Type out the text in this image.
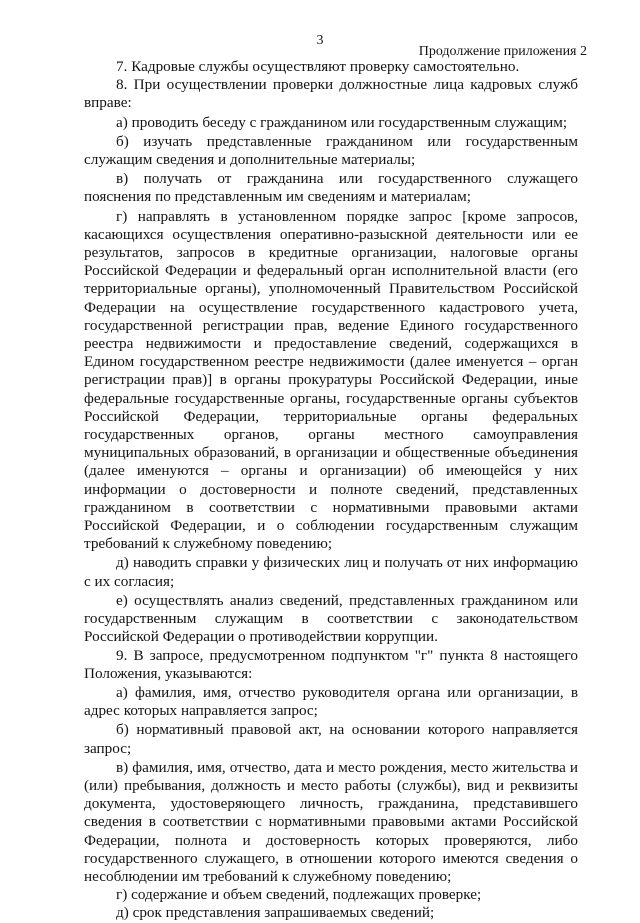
3
Продолжение приложения 2

7. Кадровые службы осуществляют проверку самостоятельно.

8. При осуществлении проверки должностные лица кадровых служб вправе:

а) проводить беседу с гражданином или государственным служащим;

б) изучать представленные гражданином или государственным служащим сведения и дополнительные материалы;

в) получать от гражданина или государственного служащего пояснения по представленным им сведениям и материалам;

г) направлять в установленном порядке запрос [кроме запросов, касающихся осуществления оперативно-разыскной деятельности или ее результатов, запросов в кредитные организации, налоговые органы Российской Федерации и федеральный орган исполнительной власти (его территориальные органы), уполномоченный Правительством Российской Федерации на осуществление государственного кадастрового учета, государственной регистрации прав, ведение Единого государственного реестра недвижимости и предоставление сведений, содержащихся в Едином государственном реестре недвижимости (далее именуется – орган регистрации прав)] в органы прокуратуры Российской Федерации, иные федеральные государственные органы, государственные органы субъектов Российской Федерации, территориальные органы федеральных государственных органов, органы местного самоуправления муниципальных образований, в организации и общественные объединения (далее именуются – органы и организации) об имеющейся у них информации о достоверности и полноте сведений, представленных гражданином в соответствии с нормативными правовыми актами Российской Федерации, и о соблюдении государственным служащим требований к служебному поведению;

д) наводить справки у физических лиц и получать от них информацию с их согласия;

е) осуществлять анализ сведений, представленных гражданином или государственным служащим в соответствии с законодательством Российской Федерации о противодействии коррупции.

9. В запросе, предусмотренном подпунктом "г" пункта 8 настоящего Положения, указываются:

а) фамилия, имя, отчество руководителя органа или организации, в адрес которых направляется запрос;

б) нормативный правовой акт, на основании которого направляется запрос;

в) фамилия, имя, отчество, дата и место рождения, место жительства и (или) пребывания, должность и место работы (службы), вид и реквизиты документа, удостоверяющего личность, гражданина, представившего сведения в соответствии с нормативными правовыми актами Российской Федерации, полнота и достоверность которых проверяются, либо государственного служащего, в отношении которого имеются сведения о несоблюдении им требований к служебному поведению;

г) содержание и объем сведений, подлежащих проверке;

д) срок представления запрашиваемых сведений;
